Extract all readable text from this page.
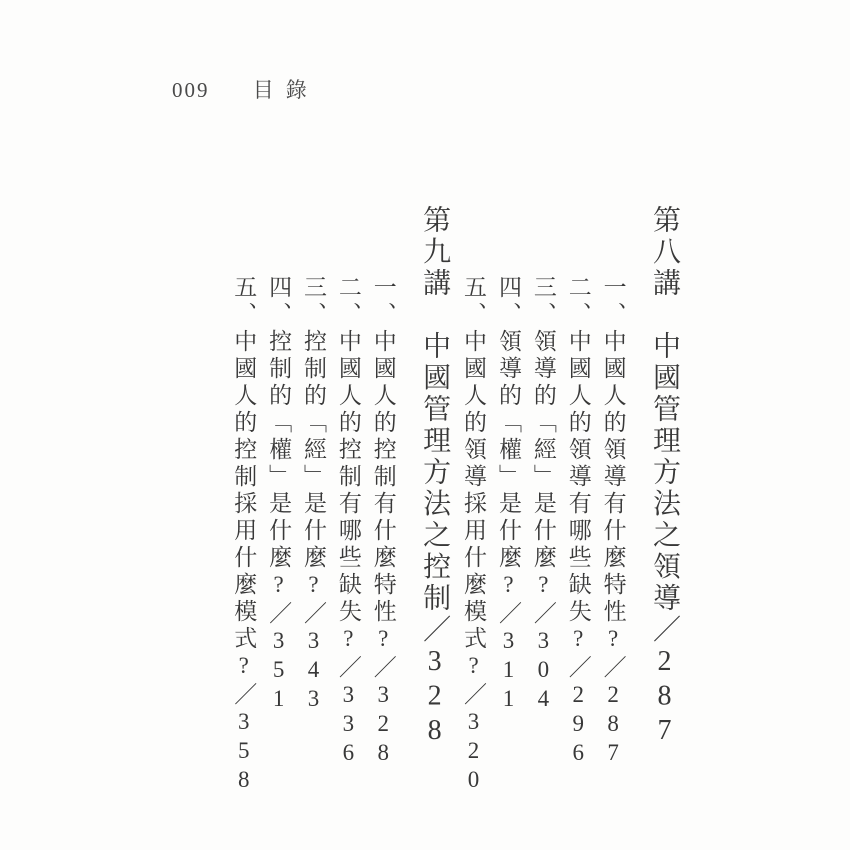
009 目錄
第八講　中國管理方法之領導／287
一、中國人的領導有什麼特性?／287
二、中國人的領導有哪些缺失?／296
三、領導的「經」是什麼?／304
四、領導的「權」是什麼?／311
五、中國人的領導採用什麼模式?／320
第九講　中國管理方法之控制／328
一、中國人的控制有什麼特性?／328
二、中國人的控制有哪些缺失?／336
三、控制的「經」是什麼?／343
四、控制的「權」是什麼?／351
五、中國人的控制採用什麼模式?／358
